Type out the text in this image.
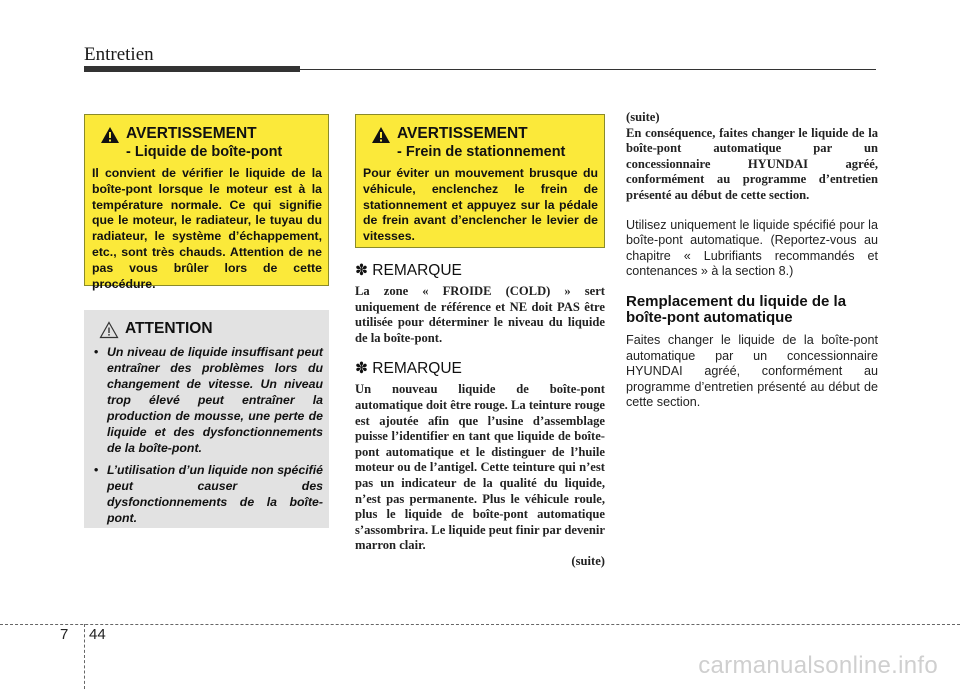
Entretien
AVERTISSEMENT
- Liquide de boîte-pont
Il convient de vérifier le liquide de la boîte-pont lorsque le moteur est à la température normale. Ce qui signifie que le moteur, le radiateur, le tuyau du radiateur, le système d’échappement, etc., sont très chauds. Attention de ne pas vous brûler lors de cette procédure.
ATTENTION
• Un niveau de liquide insuffisant peut entraîner des problèmes lors du changement de vitesse. Un niveau trop élevé peut entraîner la production de mousse, une perte de liquide et des dysfonctionnements de la boîte-pont.
• L’utilisation d’un liquide non spécifié peut causer des dysfonctionnements de la boîte-pont.
AVERTISSEMENT
- Frein de stationnement
Pour éviter un mouvement brusque du véhicule, enclenchez le frein de stationnement et appuyez sur la pédale de frein avant d’enclencher le levier de vitesses.
✽ REMARQUE

La zone « FROIDE (COLD) » sert uniquement de référence et NE doit PAS être utilisée pour déterminer le niveau du liquide de la boîte-pont.

✽ REMARQUE

Un nouveau liquide de boîte-pont automatique doit être rouge. La teinture rouge est ajoutée afin que l’usine d’assemblage puisse l’identifier en tant que liquide de boîte-pont automatique et le distinguer de l’huile moteur ou de l’antigel. Cette teinture qui n’est pas un indicateur de la qualité du liquide, n’est pas permanente. Plus le véhicule roule, plus le liquide de boîte-pont automatique s’assombrira. Le liquide peut finir par devenir marron clair.

(suite)

(suite)

En conséquence, faites changer le liquide de la boîte-pont automatique par un concessionnaire HYUNDAI agréé, conformément au programme d’entretien présenté au début de cette section.

Utilisez uniquement le liquide spécifié pour la boîte-pont automatique. (Reportez-vous au chapitre « Lubrifiants recommandés et contenances » à la section 8.)

Remplacement du liquide de la boîte-pont automatique

Faites changer le liquide de la boîte-pont automatique par un concessionnaire HYUNDAI agréé, conformément au programme d’entretien présenté au début de cette section.

7 44
carmanualsonline.info
